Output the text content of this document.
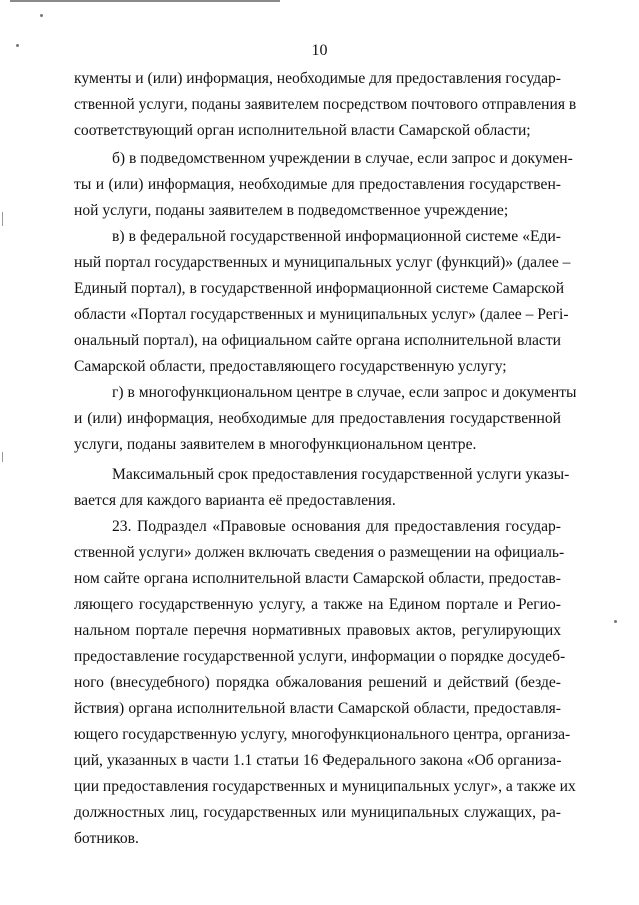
10
кументы и (или) информация, необходимые для предоставления государ-
ственной услуги, поданы заявителем посредством почтового отправления в
соответствующий орган исполнительной власти Самарской области;
б) в подведомственном учреждении в случае, если запрос и докумен-
ты и (или) информация, необходимые для предоставления государствен-
ной услуги, поданы заявителем в подведомственное учреждение;
в) в федеральной государственной информационной системе «Еди-
ный портал государственных и муниципальных услуг (функций)» (далее –
Единый портал), в государственной информационной системе Самарской
области «Портал государственных и муниципальных услуг» (далее – Регі-
ональный портал), на официальном сайте органа исполнительной власти
Самарской области, предоставляющего государственную услугу;
г) в многофункциональном центре в случае, если запрос и документы
и (или) информация, необходимые для предоставления государственной
услуги, поданы заявителем в многофункциональном центре.
Максимальный срок предоставления государственной услуги указы-
вается для каждого варианта её предоставления.
23. Подраздел «Правовые основания для предоставления государ-
ственной услуги» должен включать сведения о размещении на официаль-
ном сайте органа исполнительной власти Самарской области, предостав-
ляющего государственную услугу, а также на Едином портале и Регио-
нальном портале перечня нормативных правовых актов, регулирующих
предоставление государственной услуги, информации о порядке досудеб-
ного (внесудебного) порядка обжалования решений и действий (безде-
йствия) органа исполнительной власти Самарской области, предоставля-
ющего государственную услугу, многофункционального центра, организа-
ций, указанных в части 1.1 статьи 16 Федерального закона «Об организа-
ции предоставления государственных и муниципальных услуг», а также их
должностных лиц, государственных или муниципальных служащих, ра-
ботников.
